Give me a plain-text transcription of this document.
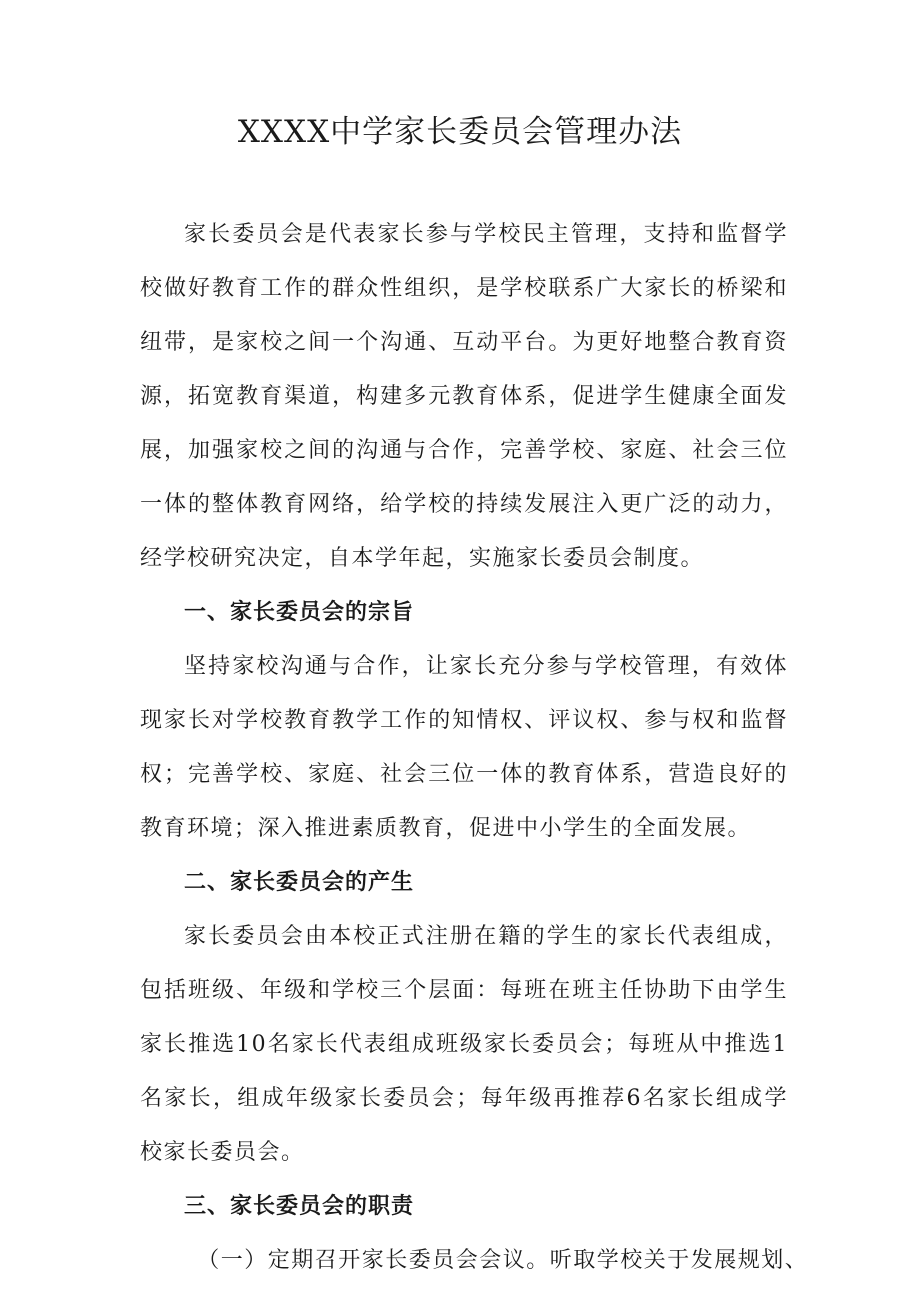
XXXX中学家长委员会管理办法

家长委员会是代表家长参与学校民主管理，支持和监督学校做好教育工作的群众性组织，是学校联系广大家长的桥梁和纽带，是家校之间一个沟通、互动平台。为更好地整合教育资源，拓宽教育渠道，构建多元教育体系，促进学生健康全面发展，加强家校之间的沟通与合作，完善学校、家庭、社会三位一体的整体教育网络，给学校的持续发展注入更广泛的动力，经学校研究决定，自本学年起，实施家长委员会制度。

一、家长委员会的宗旨

坚持家校沟通与合作，让家长充分参与学校管理，有效体现家长对学校教育教学工作的知情权、评议权、参与权和监督权；完善学校、家庭、社会三位一体的教育体系，营造良好的教育环境；深入推进素质教育，促进中小学生的全面发展。

二、家长委员会的产生

家长委员会由本校正式注册在籍的学生的家长代表组成，包括班级、年级和学校三个层面：每班在班主任协助下由学生家长推选10名家长代表组成班级家长委员会；每班从中推选1名家长，组成年级家长委员会；每年级再推荐6名家长组成学校家长委员会。

三、家长委员会的职责

（一）定期召开家长委员会会议。听取学校关于发展规划、
